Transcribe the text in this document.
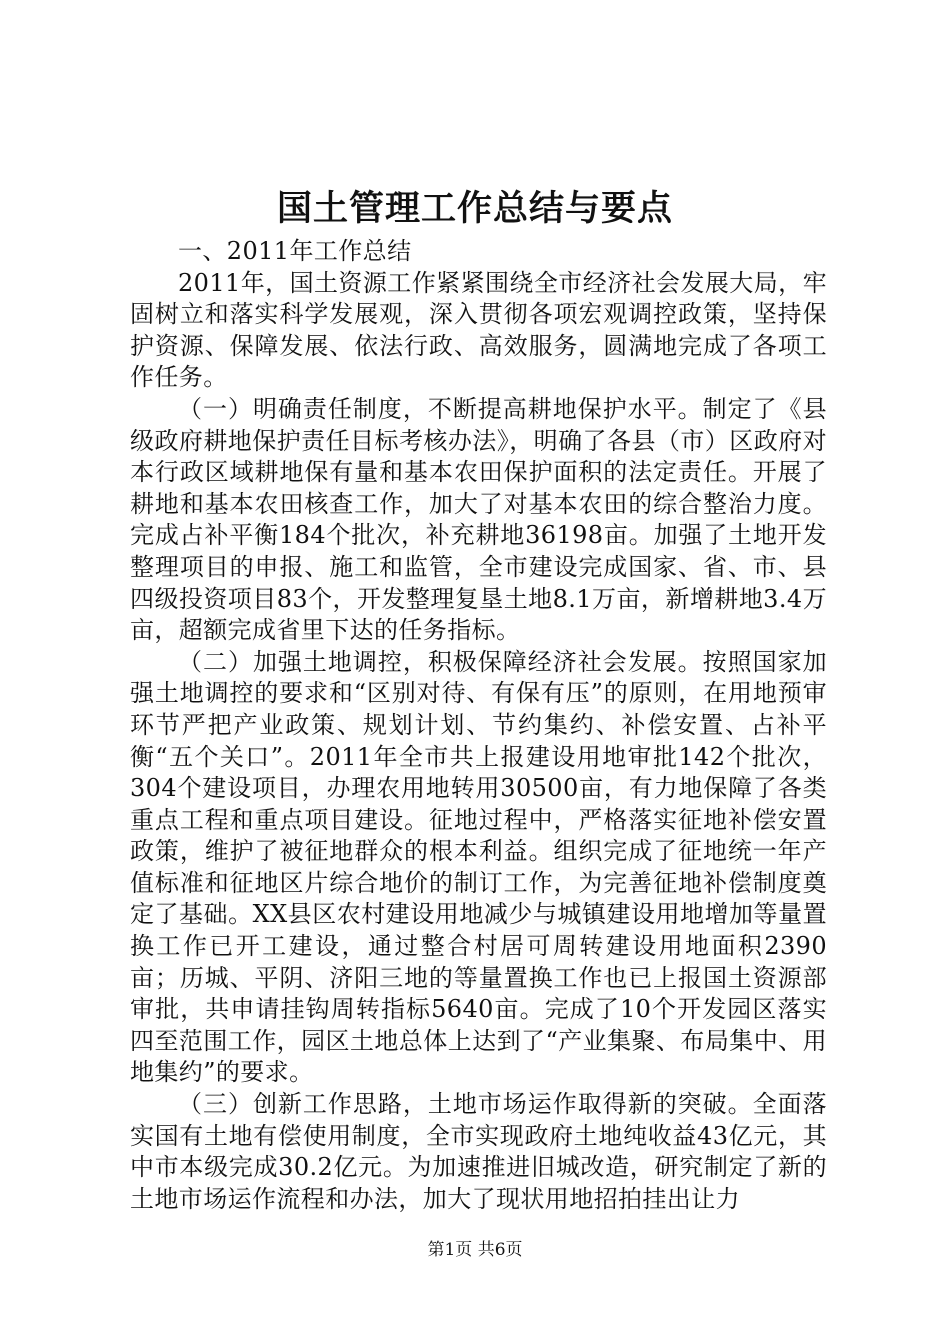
国土管理工作总结与要点

一、2011年工作总结

2011年，国土资源工作紧紧围绕全市经济社会发展大局，牢固树立和落实科学发展观，深入贯彻各项宏观调控政策，坚持保护资源、保障发展、依法行政、高效服务，圆满地完成了各项工作任务。

（一）明确责任制度，不断提高耕地保护水平。制定了《县级政府耕地保护责任目标考核办法》，明确了各县（市）区政府对本行政区域耕地保有量和基本农田保护面积的法定责任。开展了耕地和基本农田核查工作，加大了对基本农田的综合整治力度。完成占补平衡184个批次，补充耕地36198亩。加强了土地开发整理项目的申报、施工和监管，全市建设完成国家、省、市、县四级投资项目83个，开发整理复垦土地8.1万亩，新增耕地3.4万亩，超额完成省里下达的任务指标。

（二）加强土地调控，积极保障经济社会发展。按照国家加强土地调控的要求和“区别对待、有保有压”的原则，在用地预审环节严把产业政策、规划计划、节约集约、补偿安置、占补平衡“五个关口”。2011年全市共上报建设用地审批142个批次，304个建设项目，办理农用地转用30500亩，有力地保障了各类重点工程和重点项目建设。征地过程中，严格落实征地补偿安置政策，维护了被征地群众的根本利益。组织完成了征地统一年产值标准和征地区片综合地价的制订工作，为完善征地补偿制度奠定了基础。XX县区农村建设用地减少与城镇建设用地增加等量置换工作已开工建设，通过整合村居可周转建设用地面积2390亩；历城、平阴、济阳三地的等量置换工作也已上报国土资源部审批，共申请挂钩周转指标5640亩。完成了10个开发园区落实四至范围工作，园区土地总体上达到了“产业集聚、布局集中、用地集约”的要求。

（三）创新工作思路，土地市场运作取得新的突破。全面落实国有土地有偿使用制度，全市实现政府土地纯收益43亿元，其中市本级完成30.2亿元。为加速推进旧城改造，研究制定了新的土地市场运作流程和办法，加大了现状用地招拍挂出让力

第1页 共6页
